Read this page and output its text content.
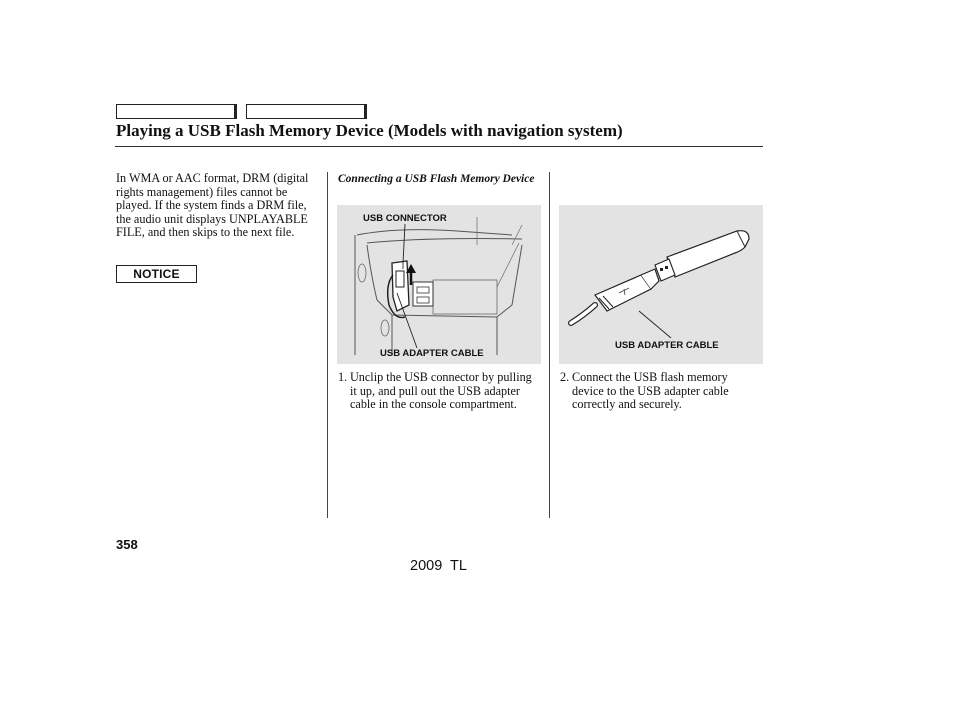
Playing a USB Flash Memory Device (Models with navigation system)
In WMA or AAC format, DRM (digital rights management) files cannot be played. If the system finds a DRM file, the audio unit displays UNPLAYABLE FILE, and then skips to the next file.
NOTICE
Connecting a USB Flash Memory Device
USB CONNECTOR
USB ADAPTER CABLE
1. Unclip the USB connector by pulling it up, and pull out the USB adapter cable in the console compartment.
USB ADAPTER CABLE
2. Connect the USB flash memory device to the USB adapter cable correctly and securely.
358
2009  TL
